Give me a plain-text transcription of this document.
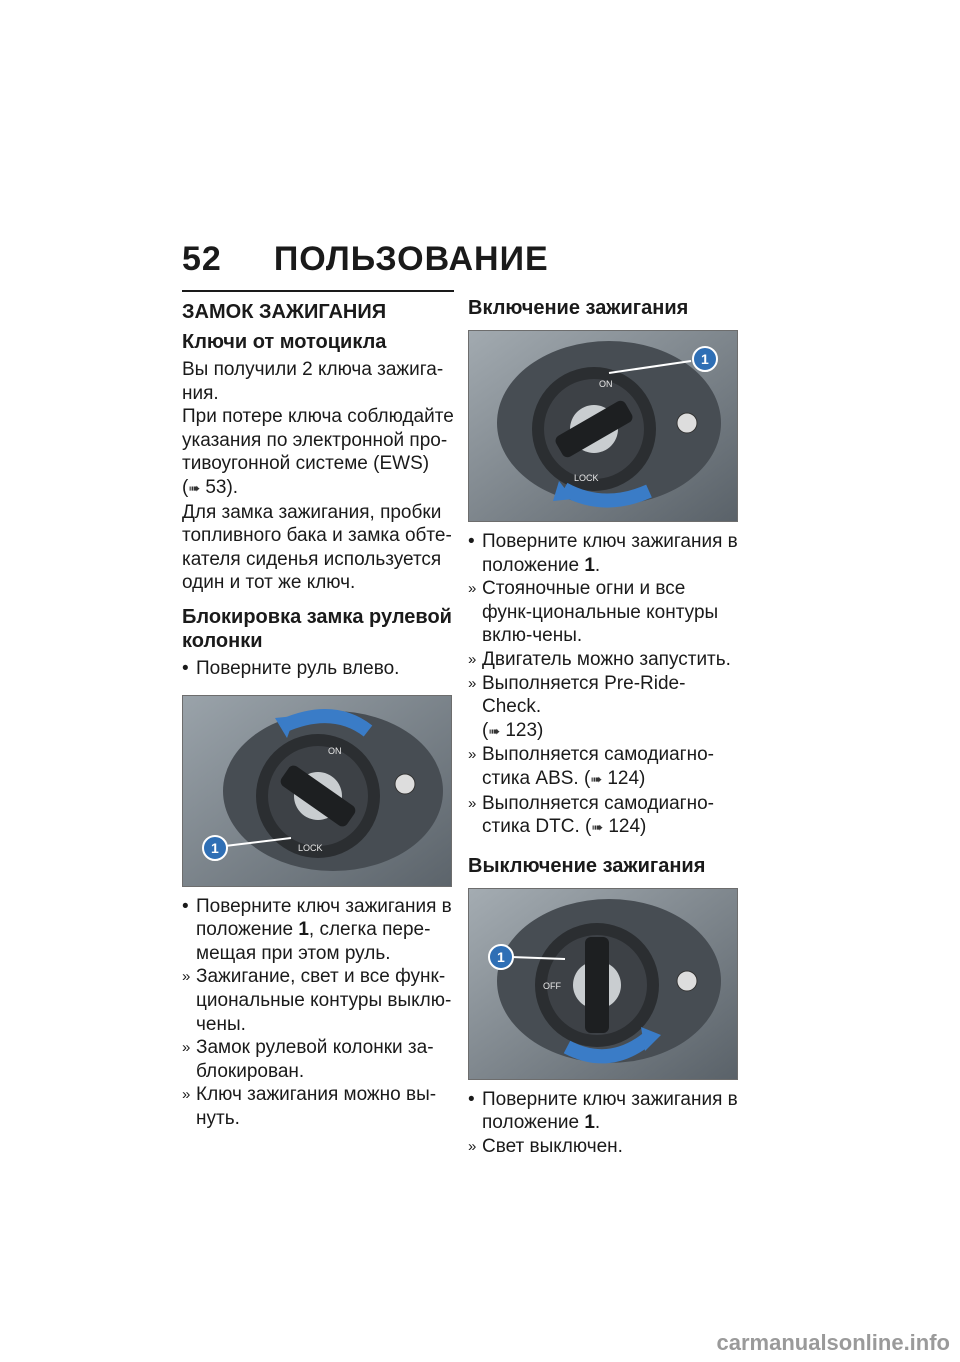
52 ПОЛЬЗОВАНИЕ
ЗАМОК ЗАЖИГАНИЯ
Ключи от мотоцикла

Вы получили 2 ключа зажига-ния.

При потере ключа соблюдайте указания по электронной про-тивоугонной системе (EWS)
(➠ 53).

Для замка зажигания, пробки топливного бака и замка обте-кателя сиденья используется один и тот же ключ.

Блокировка замка рулевой колонки
• Поверните руль влево.
ON
LOCK
1
• Поверните ключ зажигания в положение 1, слегка пере-мещая при этом руль.
» Зажигание, свет и все функ-циональные контуры выклю-чены.
» Замок рулевой колонки за-блокирован.
» Ключ зажигания можно вы-нуть.
Включение зажигания
ON
LOCK
1
• Поверните ключ зажигания в положение 1.
» Стояночные огни и все функ-циональные контуры вклю-чены.
» Двигатель можно запустить.
» Выполняется Pre-Ride-Check.
(➠ 123)
» Выполняется самодиагно-стика ABS. (➠ 124)
» Выполняется самодиагно-стика DTC. (➠ 124)
Выключение зажигания
OFF
1
• Поверните ключ зажигания в положение 1.
» Свет выключен.
carmanualsonline.info
